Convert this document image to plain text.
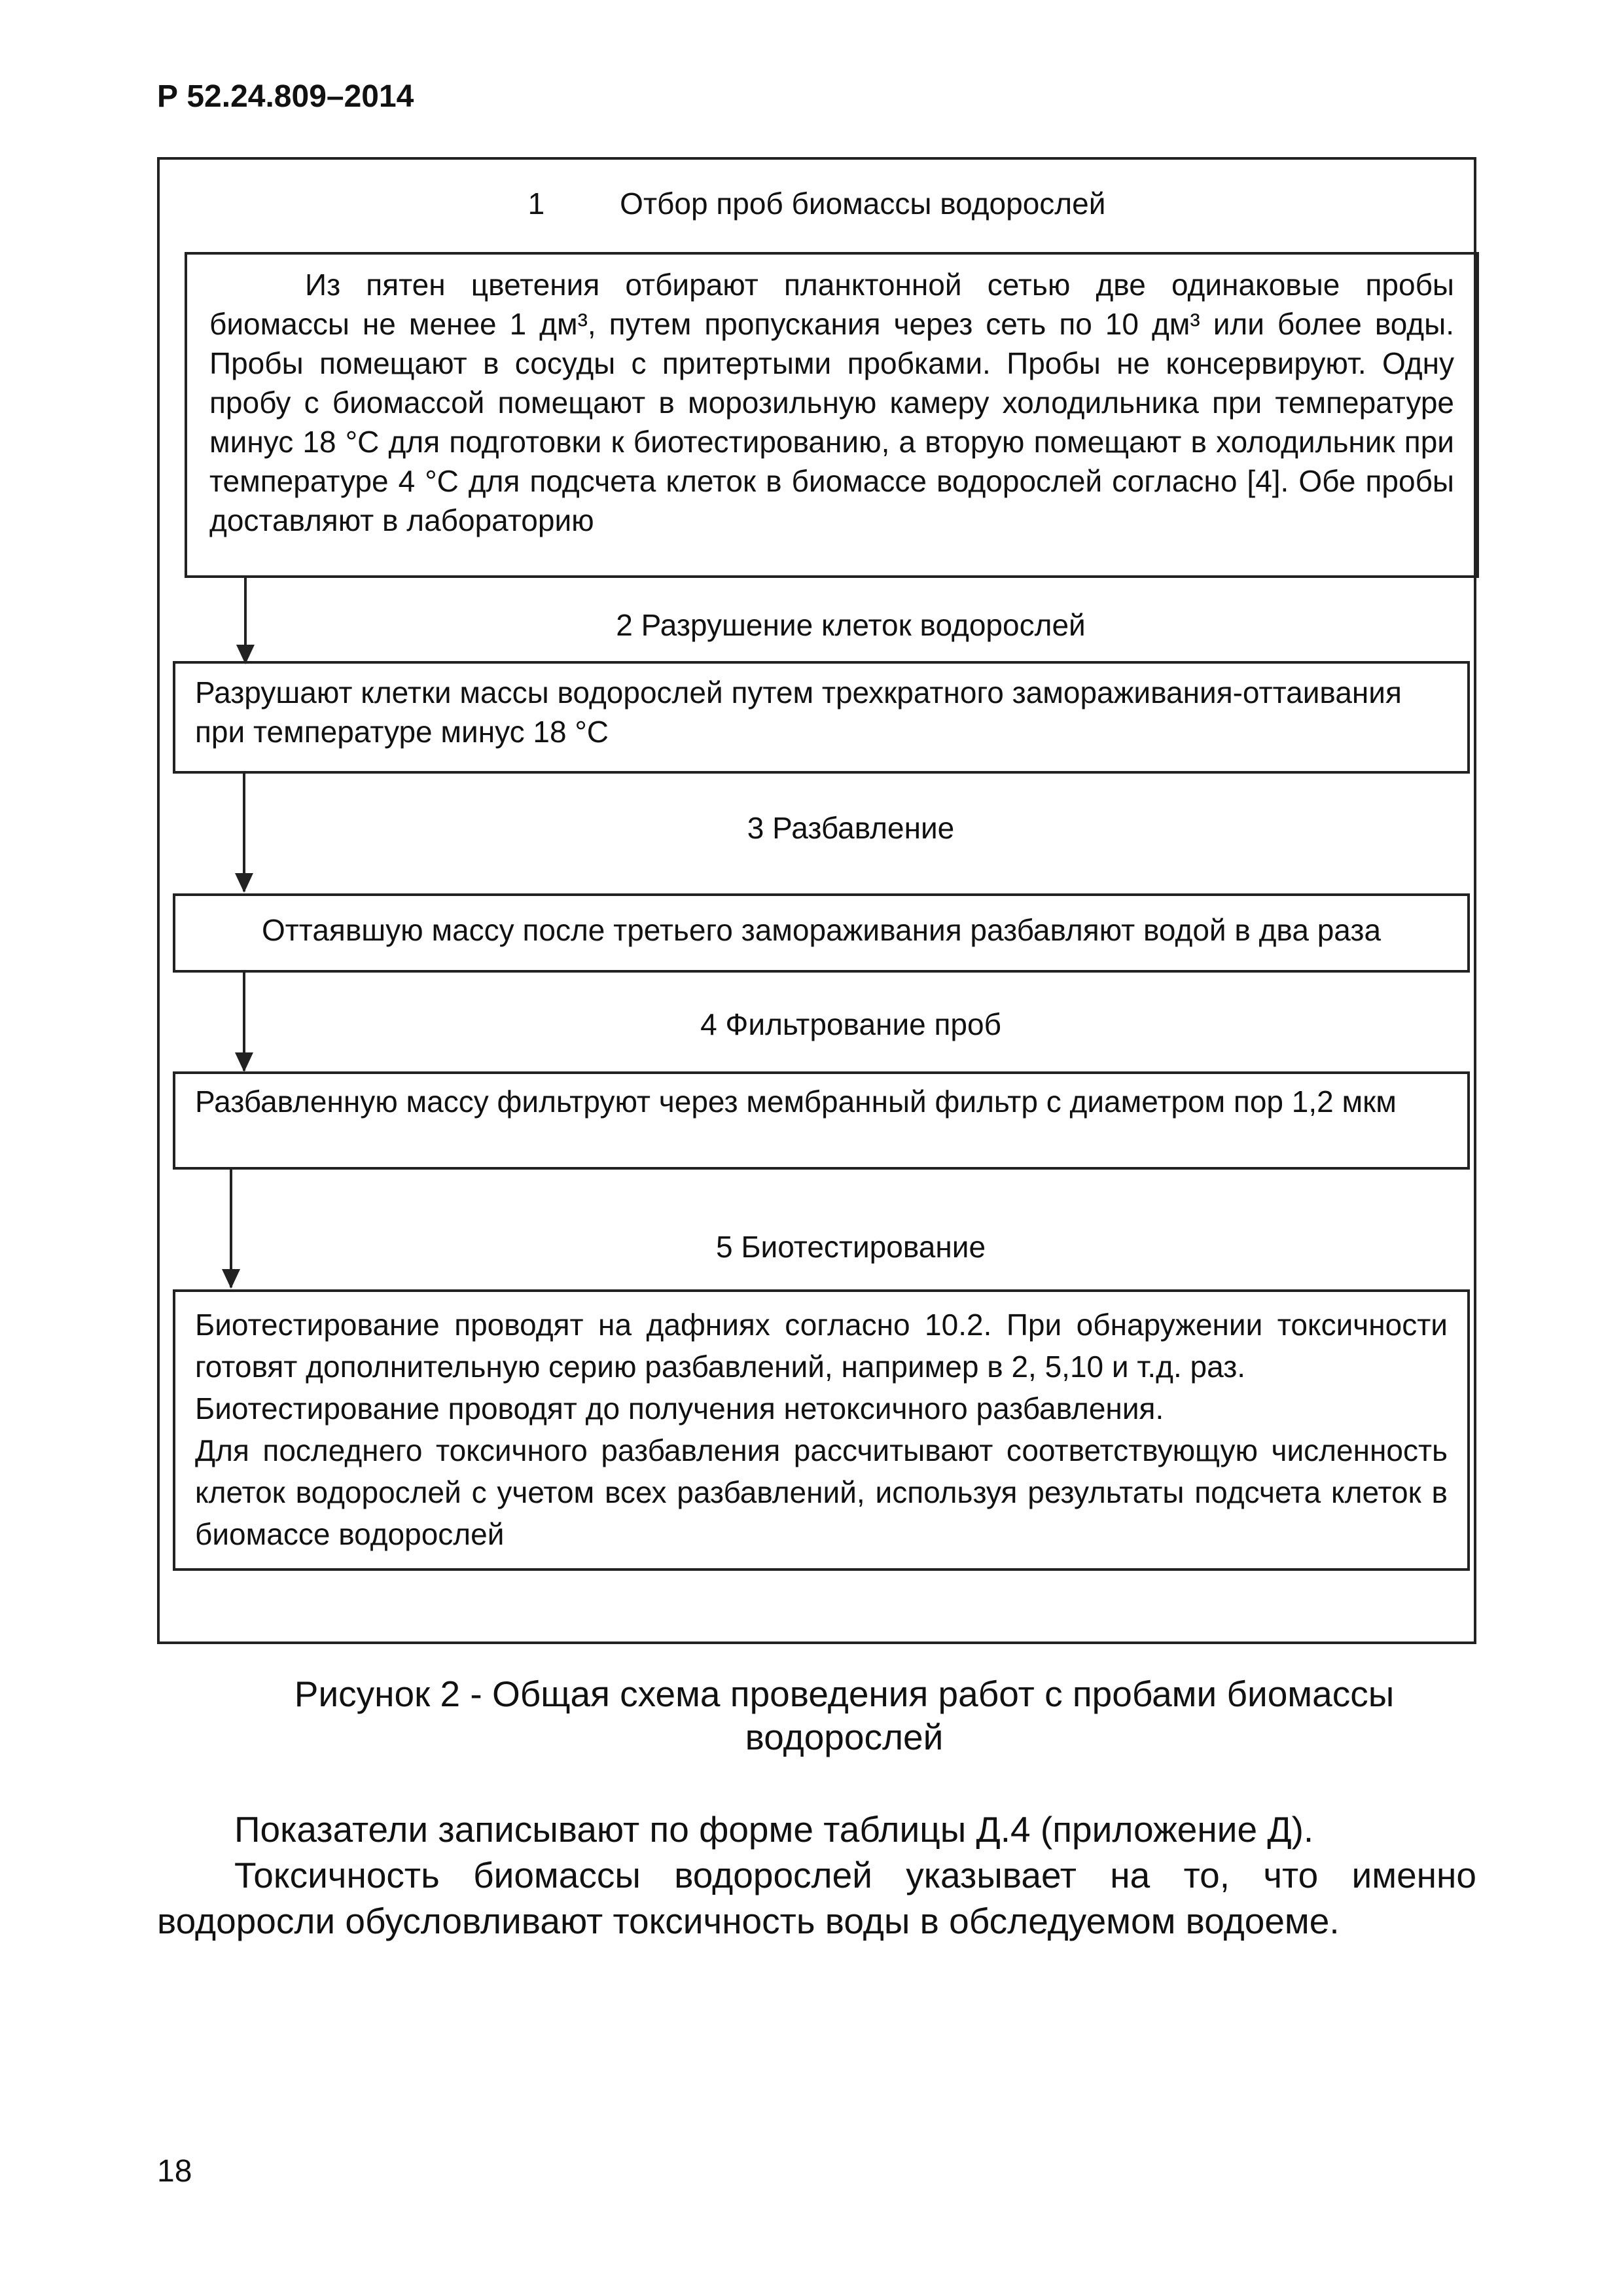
Р 52.24.809–2014
1         Отбор проб биомассы водорослей

Из пятен цветения отбирают планктонной сетью две одинаковые пробы биомассы не менее 1 дм³, путем пропускания через сеть по 10 дм³ или более воды. Пробы помещают в сосуды с притертыми пробками. Пробы не консервируют. Одну пробу с биомассой помещают в морозильную камеру холодильника при температуре минус 18 °С для подготовки к биотестированию, а вторую помещают в холодильник при температуре 4 °С для подсчета клеток в биомассе водорослей согласно [4]. Обе пробы доставляют в лабораторию

2 Разрушение клеток водорослей

Разрушают клетки массы водорослей путем трехкратного замораживания-оттаивания при температуре минус 18 °С

3 Разбавление

Оттаявшую массу после третьего замораживания разбавляют водой в два раза

4 Фильтрование проб

Разбавленную массу фильтруют через мембранный фильтр с диаметром пор 1,2 мкм

5 Биотестирование

Биотестирование проводят на дафниях согласно 10.2. При обнаружении токсичности готовят дополнительную серию разбавлений, например в 2, 5,10 и т.д. раз.

Биотестирование проводят до получения нетоксичного разбавления.

Для последнего токсичного разбавления рассчитывают соответствующую численность клеток водорослей с учетом всех разбавлений, используя результаты подсчета клеток в биомассе водорослей

Рисунок 2 - Общая схема проведения работ с пробами биомассы водорослей
Показатели записывают по форме таблицы Д.4 (приложение Д).
Токсичность биомассы водорослей указывает на то, что именно водоросли обусловливают токсичность воды в обследуемом водоеме.
18
